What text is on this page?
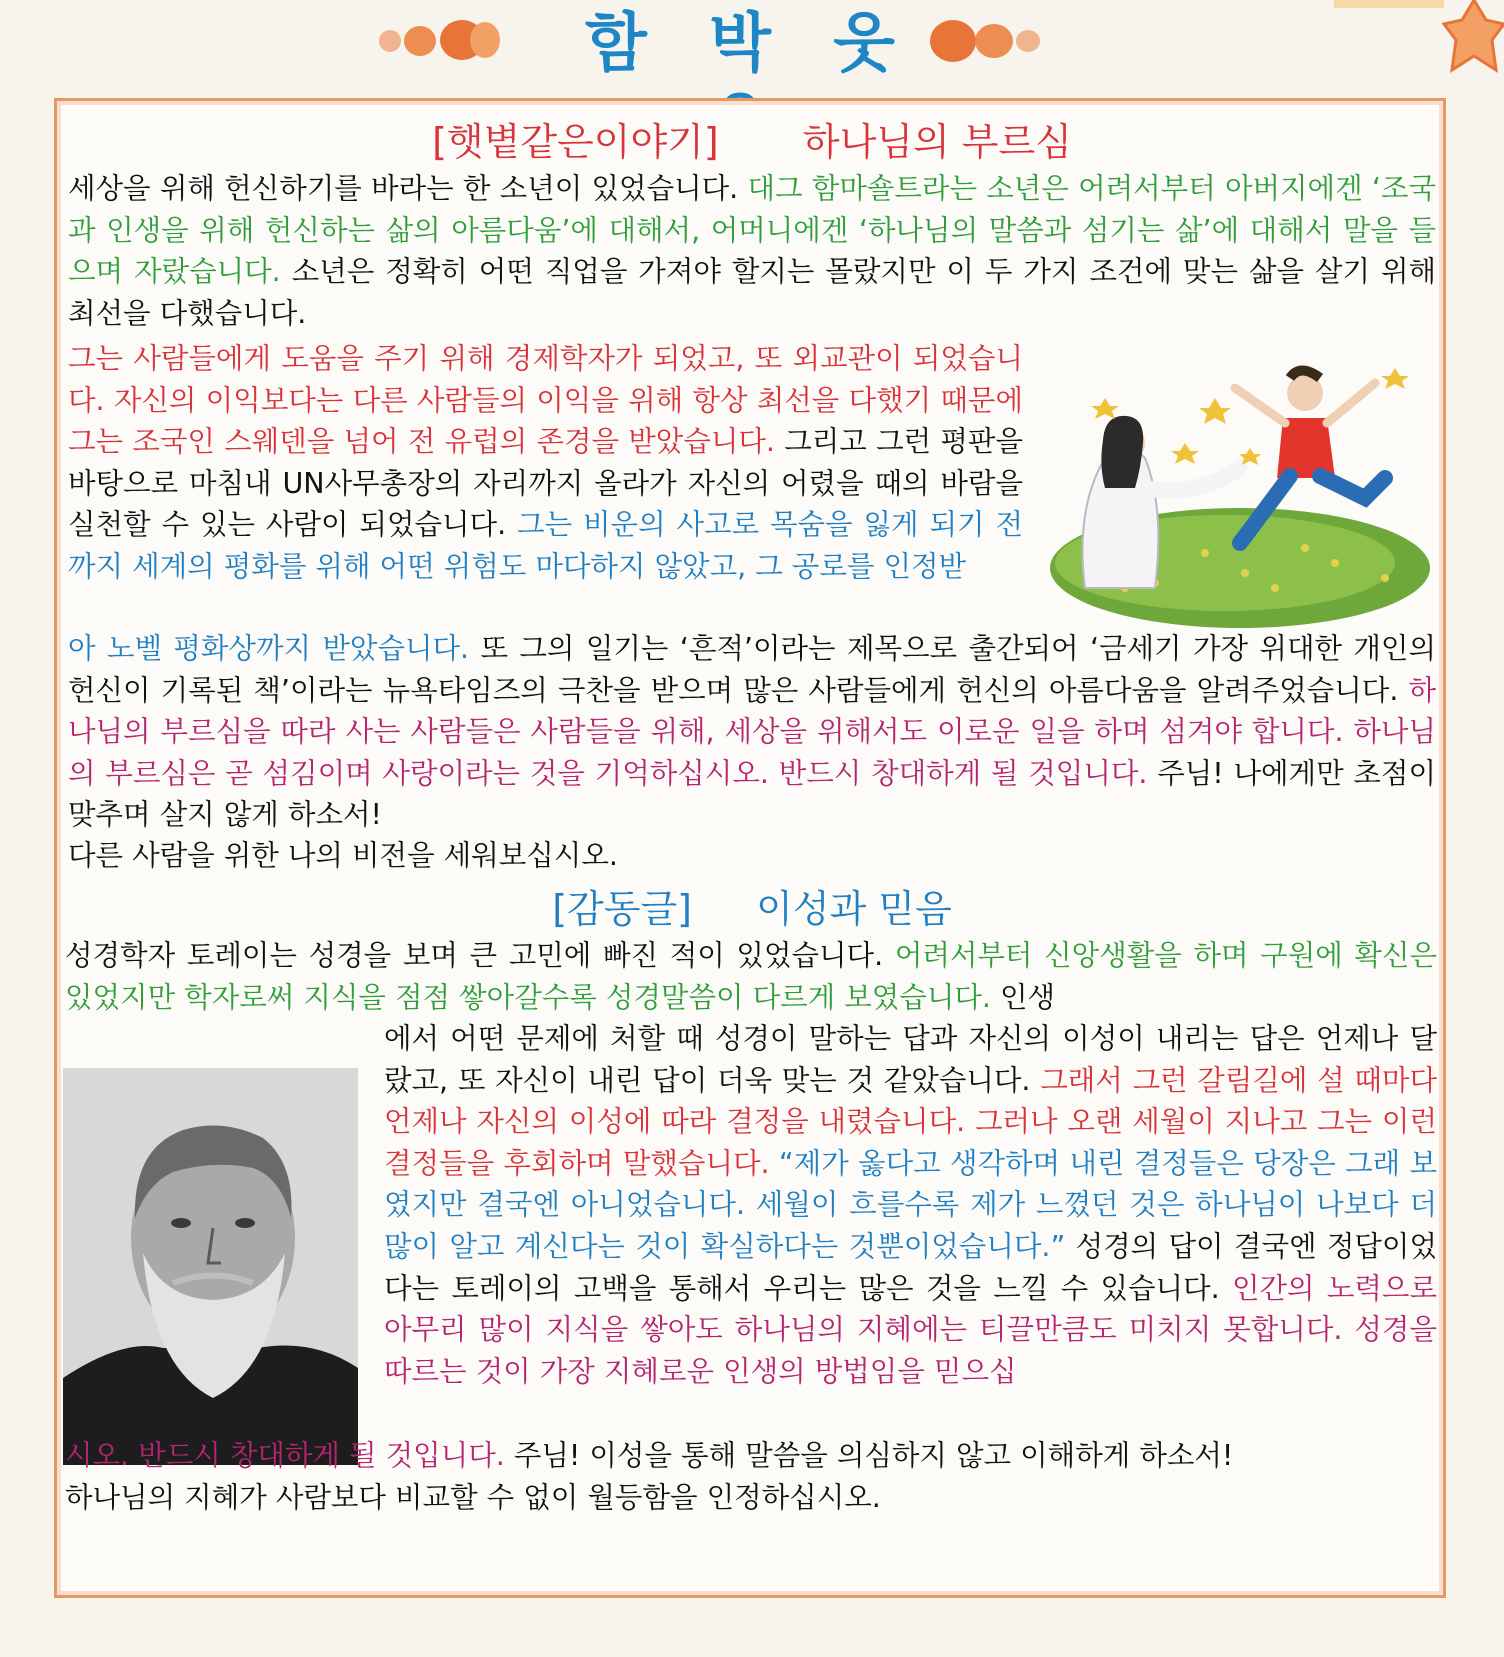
함 박 웃
[햇볕같은이야기] 하나님의 부르심

세상을 위해 헌신하기를 바라는 한 소년이 있었습니다. 대그 함마숄트라는 소년은 어려서부터 아버지에겐 ‘조국과 인생을 위해 헌신하는 삶의 아름다움’에 대해서, 어머니에겐 ‘하나님의 말씀과 섬기는 삶’에 대해서 말을 들으며 자랐습니다. 소년은 정확히 어떤 직업을 가져야 할지는 몰랐지만 이 두 가지 조건에 맞는 삶을 살기 위해 최선을 다했습니다.

그는 사람들에게 도움을 주기 위해 경제학자가 되었고, 또 외교관이 되었습니다. 자신의 이익보다는 다른 사람들의 이익을 위해 항상 최선을 다했기 때문에 그는 조국인 스웨덴을 넘어 전 유럽의 존경을 받았습니다. 그리고 그런 평판을 바탕으로 마침내 UN사무총장의 자리까지 올라가 자신의 어렸을 때의 바람을 실천할 수 있는 사람이 되었습니다. 그는 비운의 사고로 목숨을 잃게 되기 전까지 세계의 평화를 위해 어떤 위험도 마다하지 않았고, 그 공로를 인정받

아 노벨 평화상까지 받았습니다. 또 그의 일기는 ‘흔적’이라는 제목으로 출간되어 ‘금세기 가장 위대한 개인의 헌신이 기록된 책’이라는 뉴욕타임즈의 극찬을 받으며 많은 사람들에게 헌신의 아름다움을 알려주었습니다. 하나님의 부르심을 따라 사는 사람들은 사람들을 위해, 세상을 위해서도 이로운 일을 하며 섬겨야 합니다. 하나님의 부르심은 곧 섬김이며 사랑이라는 것을 기억하십시오. 반드시 창대하게 될 것입니다. 주님! 나에게만 초점이 맞추며 살지 않게 하소서!

다른 사람을 위한 나의 비전을 세워보십시오.

[감동글] 이성과 믿음

성경학자 토레이는 성경을 보며 큰 고민에 빠진 적이 있었습니다. 어려서부터 신앙생활을 하며 구원에 확신은 있었지만 학자로써 지식을 점점 쌓아갈수록 성경말씀이 다르게 보였습니다. 인생

에서 어떤 문제에 처할 때 성경이 말하는 답과 자신의 이성이 내리는 답은 언제나 달랐고, 또 자신이 내린 답이 더욱 맞는 것 같았습니다. 그래서 그런 갈림길에 설 때마다 언제나 자신의 이성에 따라 결정을 내렸습니다. 그러나 오랜 세월이 지나고 그는 이런 결정들을 후회하며 말했습니다. “제가 옳다고 생각하며 내린 결정들은 당장은 그래 보였지만 결국엔 아니었습니다. 세월이 흐를수록 제가 느꼈던 것은 하나님이 나보다 더 많이 알고 계신다는 것이 확실하다는 것뿐이었습니다.” 성경의 답이 결국엔 정답이었다는 토레이의 고백을 통해서 우리는 많은 것을 느낄 수 있습니다. 인간의 노력으로 아무리 많이 지식을 쌓아도 하나님의 지혜에는 티끌만큼도 미치지 못합니다. 성경을 따르는 것이 가장 지혜로운 인생의 방법임을 믿으십

시오. 반드시 창대하게 될 것입니다. 주님! 이성을 통해 말씀을 의심하지 않고 이해하게 하소서!

하나님의 지혜가 사람보다 비교할 수 없이 월등함을 인정하십시오.
